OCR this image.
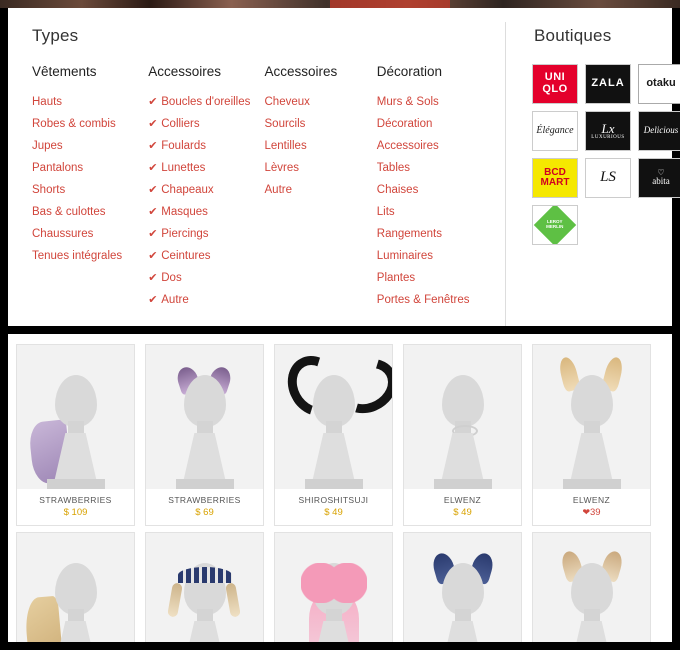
Types
Vêtements
Hauts
Robes & combis
Jupes
Pantalons
Shorts
Bas & culottes
Chaussures
Tenues intégrales
Accessoires
✔ Boucles d'oreilles
✔ Colliers
✔ Foulards
✔ Lunettes
✔ Chapeaux
✔ Masques
✔ Piercings
✔ Ceintures
✔ Dos
✔ Autre
Accessoires
Cheveux
Sourcils
Lentilles
Lèvres
Autre
Décoration
Murs & Sols
Décoration
Accessoires
Tables
Chaises
Lits
Rangements
Luminaires
Plantes
Portes & Fenêtres
Boutiques
UNI
QLO ZALA otaku
Élégance	Lx
LUXURIOUS
Delicious
BCD
MART LS	♡
abita
LEROY
MERLIN
STRAWBERRIES
$ 109
STRAWBERRIES
$ 69
SHIROSHITSUJI
$ 49
ELWENZ
$ 49
ELWENZ
❤39
